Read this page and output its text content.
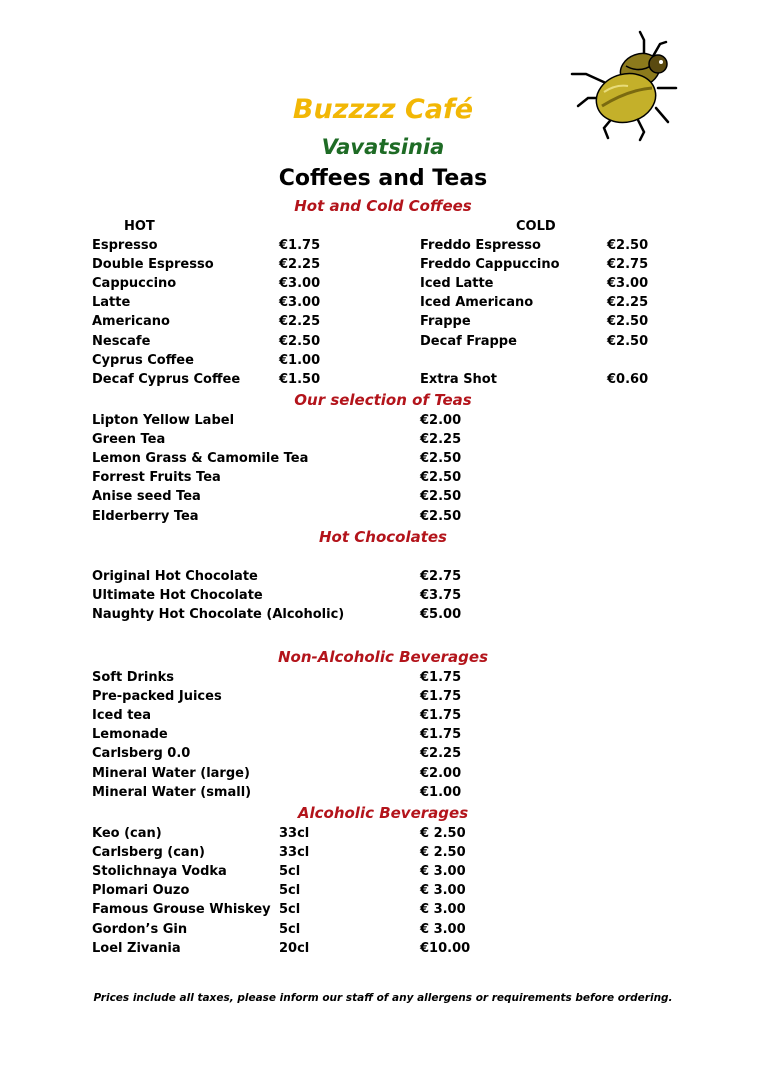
Buzzzz Café
Vavatsinia
Coffees and Teas
Hot and Cold Coffees
HOT	COLD
Espresso	€1.75	Freddo Espresso	€2.50
Double Espresso	€2.25	Freddo Cappuccino	€2.75
Cappuccino	€3.00	Iced Latte	€3.00
Latte	€3.00	Iced Americano	€2.25
Americano	€2.25	Frappe	€2.50
Nescafe	€2.50	Decaf Frappe	€2.50
Cyprus Coffee	€1.00
Decaf Cyprus Coffee	€1.50	Extra Shot	€0.60
Our selection of Teas
Lipton Yellow Label	€2.00
Green Tea	€2.25
Lemon Grass & Camomile Tea	€2.50
Forrest Fruits Tea	€2.50
Anise seed Tea	€2.50
Elderberry Tea	€2.50
Hot Chocolates
Original Hot Chocolate	€2.75
Ultimate Hot Chocolate	€3.75
Naughty Hot Chocolate (Alcoholic)	€5.00
Non-Alcoholic Beverages
Soft Drinks	€1.75
Pre-packed Juices	€1.75
Iced tea	€1.75
Lemonade	€1.75
Carlsberg 0.0	€2.25
Mineral Water (large)	€2.00
Mineral Water (small)	€1.00
Alcoholic Beverages
Keo (can)	33cl	€ 2.50
Carlsberg (can)	33cl	€ 2.50
Stolichnaya Vodka	5cl	€ 3.00
Plomari Ouzo	5cl	€ 3.00
Famous Grouse Whiskey 5cl	€ 3.00
Gordon’s Gin	5cl	€ 3.00
Loel Zivania	20cl	€10.00
Prices include all taxes, please inform our staff of any allergens or requirements before ordering.
